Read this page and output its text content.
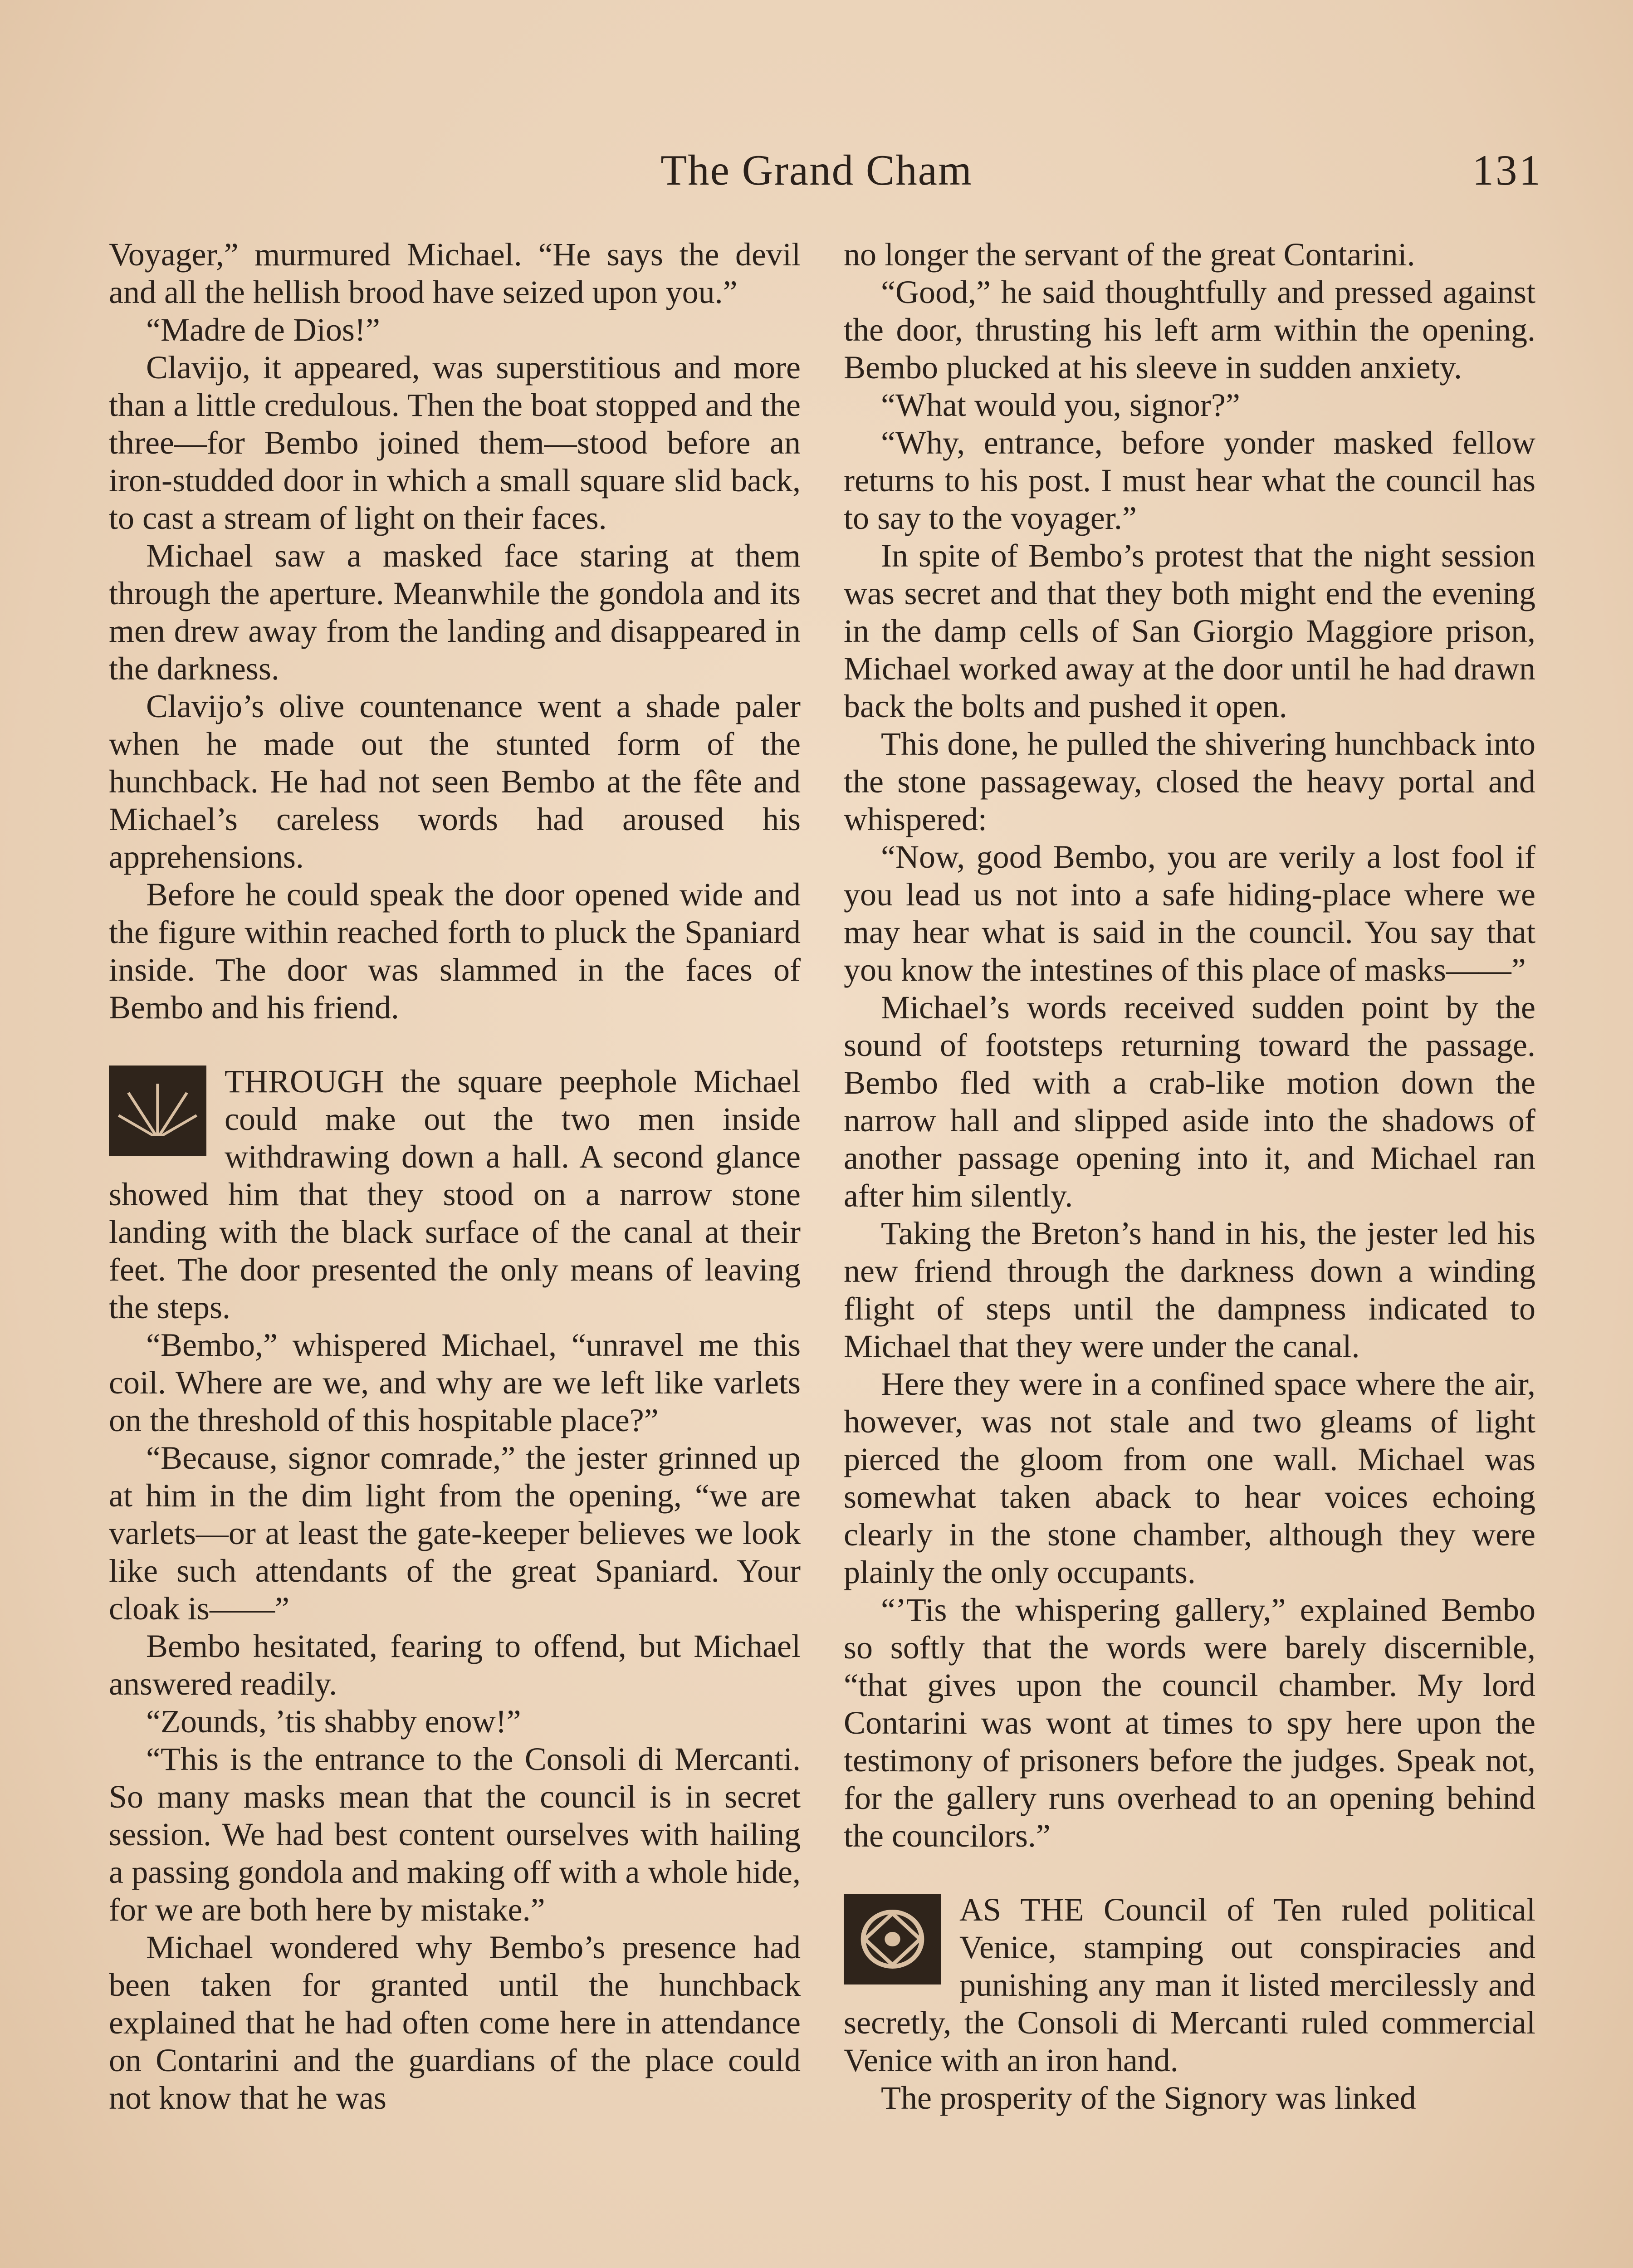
The Grand Cham	131

Voyager,” murmured Michael. “He says the devil and all the hellish brood have seized upon you.”

“Madre de Dios!”

Clavijo, it appeared, was superstitious and more than a little credulous. Then the boat stopped and the three—for Bembo joined them—stood before an iron-studded door in which a small square slid back, to cast a stream of light on their faces.

Michael saw a masked face staring at them through the aperture. Meanwhile the gondola and its men drew away from the landing and disappeared in the darkness.

Clavijo’s olive countenance went a shade paler when he made out the stunted form of the hunchback. He had not seen Bembo at the fête and Michael’s careless words had aroused his apprehensions.

Before he could speak the door opened wide and the figure within reached forth to pluck the Spaniard inside. The door was slammed in the faces of Bembo and his friend.

THROUGH the square peephole Michael could make out the two men inside withdrawing down a hall. A second glance showed him that they stood on a narrow stone landing with the black surface of the canal at their feet. The door presented the only means of leaving the steps.

“Bembo,” whispered Michael, “unravel me this coil. Where are we, and why are we left like varlets on the threshold of this hospitable place?”

“Because, signor comrade,” the jester grinned up at him in the dim light from the opening, “we are varlets—or at least the gate-keeper believes we look like such attendants of the great Spaniard. Your cloak is——”

Bembo hesitated, fearing to offend, but Michael answered readily.

“Zounds, ’tis shabby enow!”

“This is the entrance to the Consoli di Mercanti. So many masks mean that the council is in secret session. We had best content ourselves with hailing a passing gondola and making off with a whole hide, for we are both here by mistake.”

Michael wondered why Bembo’s presence had been taken for granted until the hunchback explained that he had often come here in attendance on Contarini and the guardians of the place could not know that he was

no longer the servant of the great Contarini.

“Good,” he said thoughtfully and pressed against the door, thrusting his left arm within the opening. Bembo plucked at his sleeve in sudden anxiety.

“What would you, signor?”

“Why, entrance, before yonder masked fellow returns to his post. I must hear what the council has to say to the voyager.”

In spite of Bembo’s protest that the night session was secret and that they both might end the evening in the damp cells of San Giorgio Maggiore prison, Michael worked away at the door until he had drawn back the bolts and pushed it open.

This done, he pulled the shivering hunchback into the stone passageway, closed the heavy portal and whispered:

“Now, good Bembo, you are verily a lost fool if you lead us not into a safe hiding-place where we may hear what is said in the council. You say that you know the intestines of this place of masks——”

Michael’s words received sudden point by the sound of footsteps returning toward the passage. Bembo fled with a crab-like motion down the narrow hall and slipped aside into the shadows of another passage opening into it, and Michael ran after him silently.

Taking the Breton’s hand in his, the jester led his new friend through the darkness down a winding flight of steps until the dampness indicated to Michael that they were under the canal.

Here they were in a confined space where the air, however, was not stale and two gleams of light pierced the gloom from one wall. Michael was somewhat taken aback to hear voices echoing clearly in the stone chamber, although they were plainly the only occupants.

“’Tis the whispering gallery,” explained Bembo so softly that the words were barely discernible, “that gives upon the council chamber. My lord Contarini was wont at times to spy here upon the testimony of prisoners before the judges. Speak not, for the gallery runs overhead to an opening behind the councilors.”

AS THE Council of Ten ruled political Venice, stamping out conspiracies and punishing any man it listed mercilessly and secretly, the Consoli di Mercanti ruled commercial Venice with an iron hand.

The prosperity of the Signory was linked
